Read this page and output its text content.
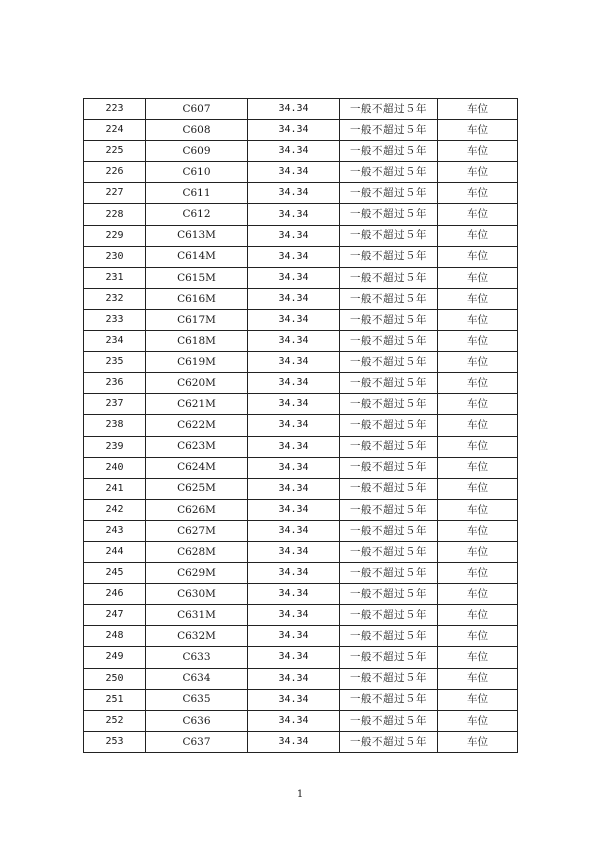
223	C607	34.34	一般不超过５年	车位
224	C608	34.34	一般不超过５年	车位
225	C609	34.34	一般不超过５年	车位
226	C610	34.34	一般不超过５年	车位
227	C611	34.34	一般不超过５年	车位
228	C612	34.34	一般不超过５年	车位
229	C613M	34.34	一般不超过５年	车位
230	C614M	34.34	一般不超过５年	车位
231	C615M	34.34	一般不超过５年	车位
232	C616M	34.34	一般不超过５年	车位
233	C617M	34.34	一般不超过５年	车位
234	C618M	34.34	一般不超过５年	车位
235	C619M	34.34	一般不超过５年	车位
236	C620M	34.34	一般不超过５年	车位
237	C621M	34.34	一般不超过５年	车位
238	C622M	34.34	一般不超过５年	车位
239	C623M	34.34	一般不超过５年	车位
240	C624M	34.34	一般不超过５年	车位
241	C625M	34.34	一般不超过５年	车位
242	C626M	34.34	一般不超过５年	车位
243	C627M	34.34	一般不超过５年	车位
244	C628M	34.34	一般不超过５年	车位
245	C629M	34.34	一般不超过５年	车位
246	C630M	34.34	一般不超过５年	车位
247	C631M	34.34	一般不超过５年	车位
248	C632M	34.34	一般不超过５年	车位
249	C633	34.34	一般不超过５年	车位
250	C634	34.34	一般不超过５年	车位
251	C635	34.34	一般不超过５年	车位
252	C636	34.34	一般不超过５年	车位
253	C637	34.34	一般不超过５年	车位
1
